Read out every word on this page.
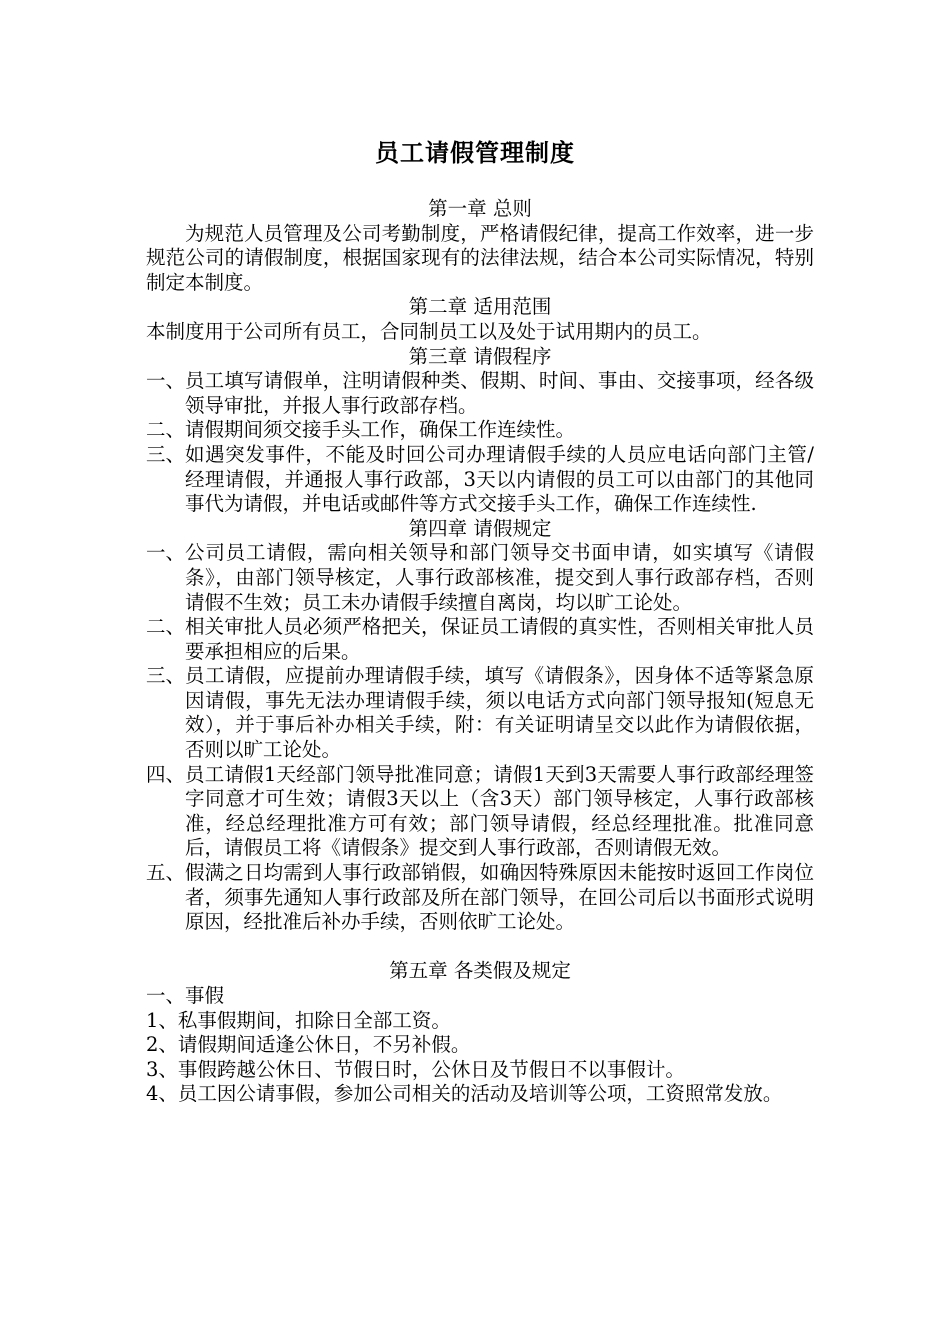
员工请假管理制度
第一章 总则
为规范人员管理及公司考勤制度，严格请假纪律，提高工作效率，进一步规范公司的请假制度，根据国家现有的法律法规，结合本公司实际情况，特别制定本制度。
第二章 适用范围
本制度用于公司所有员工，合同制员工以及处于试用期内的员工。
第三章 请假程序
一、 员工填写请假单，注明请假种类、假期、时间、事由、交接事项，经各级领导审批，并报人事行政部存档。
二、 请假期间须交接手头工作，确保工作连续性。
三、 如遇突发事件，不能及时回公司办理请假手续的人员应电话向部门主管/经理请假，并通报人事行政部，3天以内请假的员工可以由部门的其他同事代为请假，并电话或邮件等方式交接手头工作，确保工作连续性.
第四章 请假规定
一、 公司员工请假，需向相关领导和部门领导交书面申请，如实填写《请假条》，由部门领导核定，人事行政部核准，提交到人事行政部存档，否则请假不生效；员工未办请假手续擅自离岗，均以旷工论处。
二、 相关审批人员必须严格把关，保证员工请假的真实性，否则相关审批人员要承担相应的后果。
三、 员工请假，应提前办理请假手续，填写《请假条》，因身体不适等紧急原因请假，事先无法办理请假手续，须以电话方式向部门领导报知(短息无效），并于事后补办相关手续，附：有关证明请呈交以此作为请假依据，否则以旷工论处。
四、 员工请假1天经部门领导批准同意；请假1天到3天需要人事行政部经理签字同意才可生效；请假3天以上（含3天）部门领导核定，人事行政部核准，经总经理批准方可有效；部门领导请假，经总经理批准。批准同意后，请假员工将《请假条》提交到人事行政部，否则请假无效。
五、 假满之日均需到人事行政部销假，如确因特殊原因未能按时返回工作岗位者，须事先通知人事行政部及所在部门领导，在回公司后以书面形式说明原因，经批准后补办手续，否则依旷工论处。
第五章 各类假及规定
一、事假
1、私事假期间，扣除日全部工资。
2、请假期间适逢公休日，不另补假。
3、事假跨越公休日、节假日时，公休日及节假日不以事假计。
4、员工因公请事假，参加公司相关的活动及培训等公项，工资照常发放。
